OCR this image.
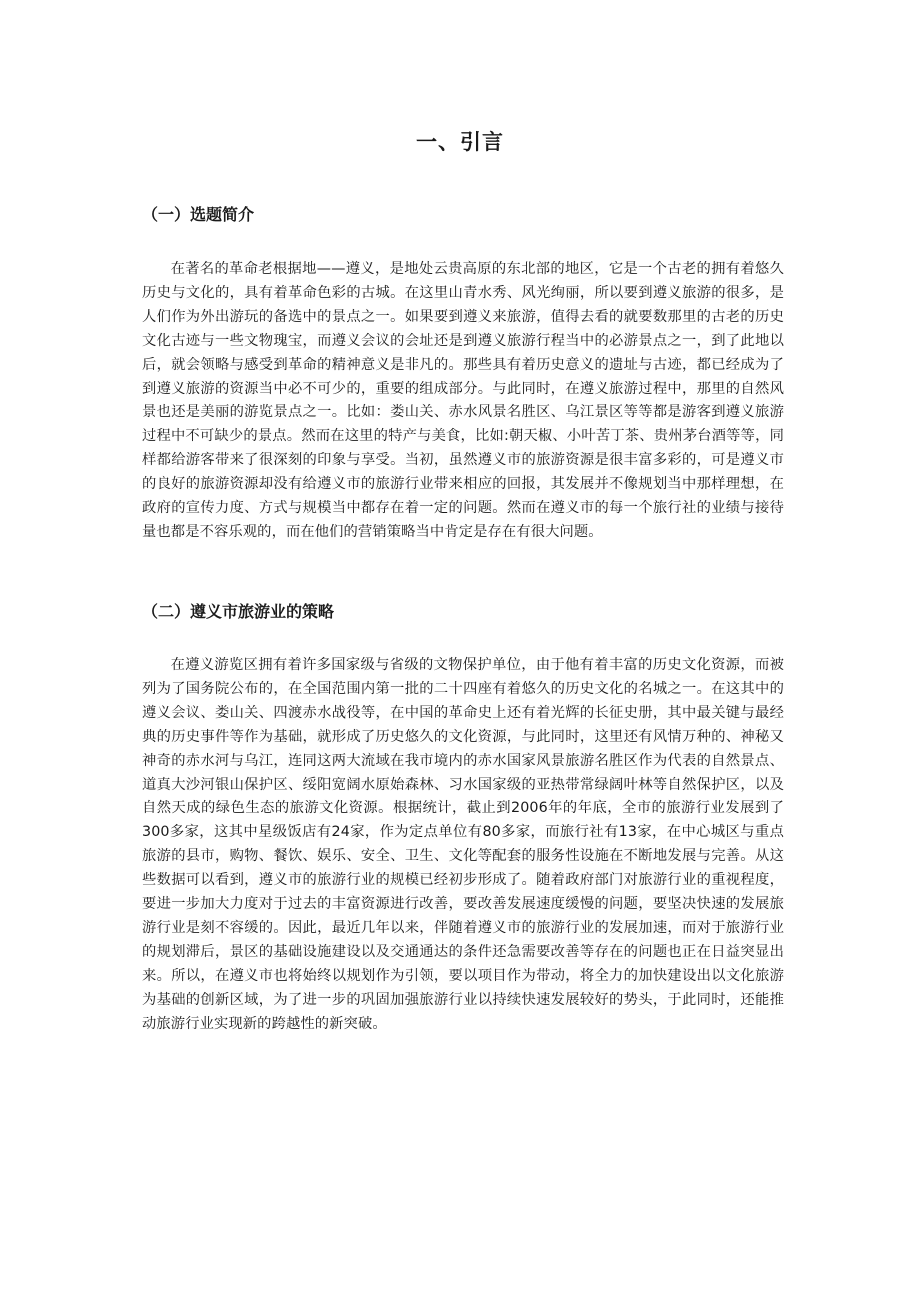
一、引言
（一）选题简介

在著名的革命老根据地——遵义，是地处云贵高原的东北部的地区，它是一个古老的拥有着悠久历史与文化的，具有着革命色彩的古城。在这里山青水秀、风光绚丽，所以要到遵义旅游的很多，是人们作为外出游玩的备选中的景点之一。如果要到遵义来旅游，值得去看的就要数那里的古老的历史文化古迹与一些文物瑰宝，而遵义会议的会址还是到遵义旅游行程当中的必游景点之一，到了此地以后，就会领略与感受到革命的精神意义是非凡的。那些具有着历史意义的遗址与古迹，都已经成为了到遵义旅游的资源当中必不可少的，重要的组成部分。与此同时，在遵义旅游过程中，那里的自然风景也还是美丽的游览景点之一。比如：娄山关、赤水风景名胜区、乌江景区等等都是游客到遵义旅游过程中不可缺少的景点。然而在这里的特产与美食，比如:朝天椒、小叶苦丁茶、贵州茅台酒等等，同样都给游客带来了很深刻的印象与享受。当初，虽然遵义市的旅游资源是很丰富多彩的，可是遵义市的良好的旅游资源却没有给遵义市的旅游行业带来相应的回报，其发展并不像规划当中那样理想，在政府的宣传力度、方式与规模当中都存在着一定的问题。然而在遵义市的每一个旅行社的业绩与接待量也都是不容乐观的，而在他们的营销策略当中肯定是存在有很大问题。

（二）遵义市旅游业的策略

在遵义游览区拥有着许多国家级与省级的文物保护单位，由于他有着丰富的历史文化资源，而被列为了国务院公布的，在全国范围内第一批的二十四座有着悠久的历史文化的名城之一。在这其中的遵义会议、娄山关、四渡赤水战役等，在中国的革命史上还有着光辉的长征史册，其中最关键与最经典的历史事件等作为基础，就形成了历史悠久的文化资源，与此同时，这里还有风情万种的、神秘又神奇的赤水河与乌江，连同这两大流域在我市境内的赤水国家风景旅游名胜区作为代表的自然景点、道真大沙河银山保护区、绥阳宽阔水原始森林、习水国家级的亚热带常绿阔叶林等自然保护区，以及自然天成的绿色生态的旅游文化资源。根据统计，截止到2006年的年底，全市的旅游行业发展到了300多家，这其中星级饭店有24家，作为定点单位有80多家，而旅行社有13家，在中心城区与重点旅游的县市，购物、餐饮、娱乐、安全、卫生、文化等配套的服务性设施在不断地发展与完善。从这些数据可以看到，遵义市的旅游行业的规模已经初步形成了。随着政府部门对旅游行业的重视程度，要进一步加大力度对于过去的丰富资源进行改善，要改善发展速度缓慢的问题，要坚决快速的发展旅游行业是刻不容缓的。因此，最近几年以来，伴随着遵义市的旅游行业的发展加速，而对于旅游行业的规划滞后，景区的基础设施建设以及交通通达的条件还急需要改善等存在的问题也正在日益突显出来。所以，在遵义市也将始终以规划作为引领，要以项目作为带动，将全力的加快建设出以文化旅游为基础的创新区域，为了进一步的巩固加强旅游行业以持续快速发展较好的势头，于此同时，还能推动旅游行业实现新的跨越性的新突破。
